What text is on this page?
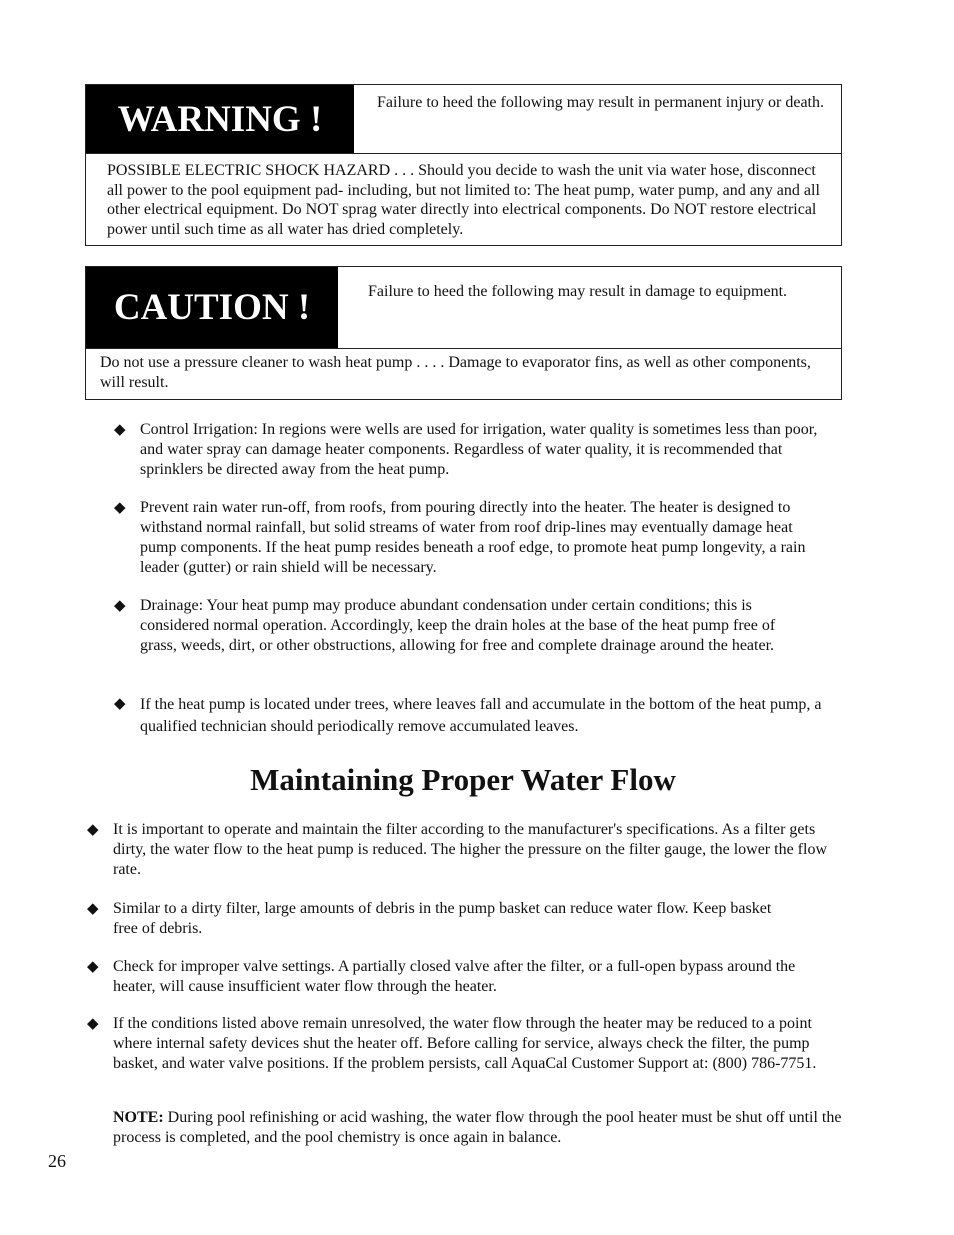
WARNING !	Failure to heed the following may result in permanent injury or death.
POSSIBLE ELECTRIC SHOCK HAZARD . . . Should you decide to wash the unit via water hose, disconnect all power to the pool equipment pad- including, but not limited to: The heat pump, water pump, and any and all other electrical equipment. Do NOT sprag water directly into electrical components. Do NOT restore electrical power until such time as all water has dried completely.
CAUTION !	Failure to heed the following may result in damage to equipment.
Do not use a pressure cleaner to wash heat pump . . . . Damage to evaporator fins, as well as other components, will result.
◆ Control Irrigation: In regions were wells are used for irrigation, water quality is sometimes less than poor, and water spray can damage heater components. Regardless of water quality, it is recommended that sprinklers be directed away from the heat pump.
◆ Prevent rain water run-off, from roofs, from pouring directly into the heater. The heater is designed to withstand normal rainfall, but solid streams of water from roof drip-lines may eventually damage heat pump components. If the heat pump resides beneath a roof edge, to promote heat pump longevity, a rain leader (gutter) or rain shield will be necessary.
◆ Drainage: Your heat pump may produce abundant condensation under certain conditions; this is considered normal operation. Accordingly, keep the drain holes at the base of the heat pump free of grass, weeds, dirt, or other obstructions, allowing for free and complete drainage around the heater.
◆ If the heat pump is located under trees, where leaves fall and accumulate in the bottom of the heat pump, a qualified technician should periodically remove accumulated leaves.
Maintaining Proper Water Flow
◆ It is important to operate and maintain the filter according to the manufacturer's specifications. As a filter gets dirty, the water flow to the heat pump is reduced. The higher the pressure on the filter gauge, the lower the flow rate.
◆ Similar to a dirty filter, large amounts of debris in the pump basket can reduce water flow. Keep basket free of debris.
◆ Check for improper valve settings. A partially closed valve after the filter, or a full-open bypass around the heater, will cause insufficient water flow through the heater.
◆ If the conditions listed above remain unresolved, the water flow through the heater may be reduced to a point where internal safety devices shut the heater off. Before calling for service, always check the filter, the pump basket, and water valve positions. If the problem persists, call AquaCal Customer Support at: (800) 786-7751.
NOTE: During pool refinishing or acid washing, the water flow through the pool heater must be shut off until the process is completed, and the pool chemistry is once again in balance.
26
